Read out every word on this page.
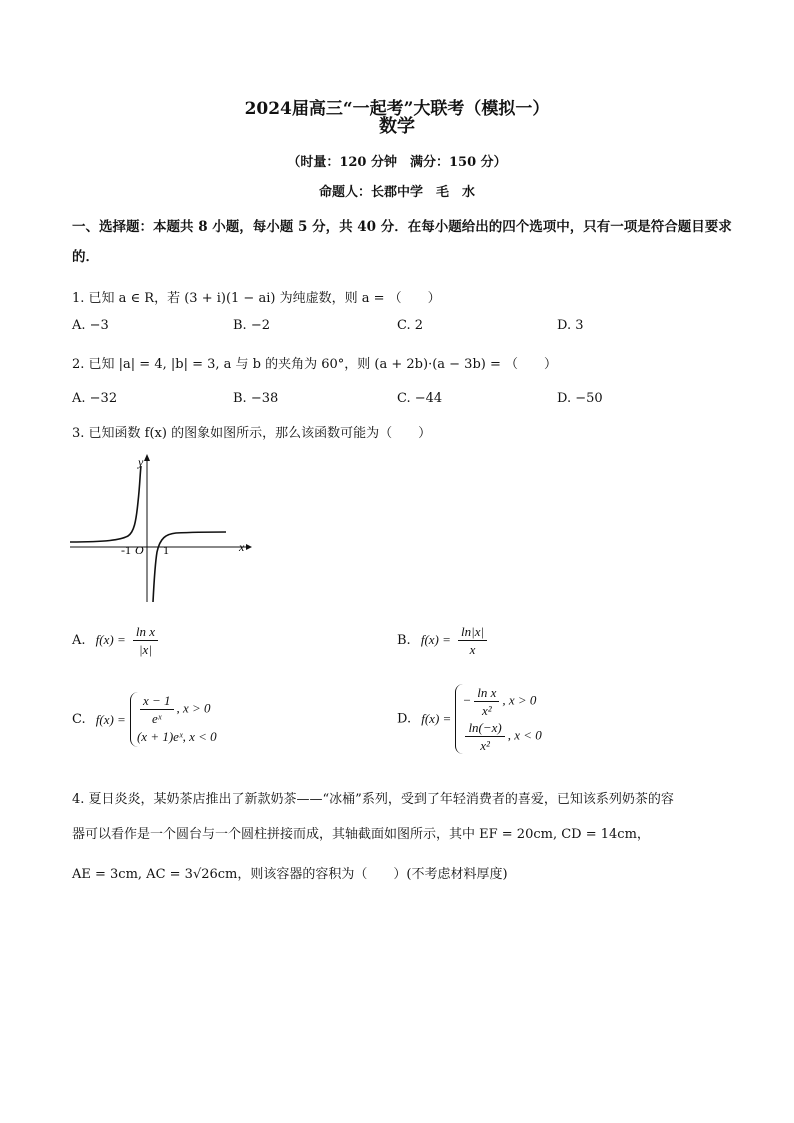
2024届高三“一起考”大联考（模拟一）
数学
（时量：120 分钟　满分：150 分）
命题人：长郡中学　毛　水
一、选择题：本题共 8 小题，每小题 5 分，共 40 分．在每小题给出的四个选项中，只有一项是符合题目要求的．
1. 已知 a ∈ R，若 (3 + i)(1 − ai) 为纯虚数，则 a = （　　）
A. −3	B. −2	C. 2	D. 3
2. 已知 |a| = 4, |b| = 3, a 与 b 的夹角为 60°，则 (a + 2b)·(a − 3b) = （　　）
A. −32	B. −38	C. −44	D. −50
3. 已知函数 f(x) 的图象如图所示，那么该函数可能为（　　）
y
x
O
-1	1
A. $f(x) = \frac{\text{ln x}}{|x|}$	B. $f(x) = \frac{\ln|x|}{x}$
C. $f(x) = \frac{x - 1}{\text{eˣ}}$ , x > 0
(x + 1)eˣ, x < 0
D. f(x) =
− $\frac{\text{ln x}}{\text{x²}}$ , x > 0
$\frac{\ln(-x)}{\text{x²}}$ , x < 0
4. 夏日炎炎，某奶茶店推出了新款奶茶——“冰桶”系列，受到了年轻消费者的喜爱，已知该系列奶茶的容
器可以看作是一个圆台与一个圆柱拼接而成，其轴截面如图所示，其中 EF = 20cm, CD = 14cm，
AE = 3cm, AC = 3√26cm，则该容器的容积为（　　）(不考虑材料厚度)
